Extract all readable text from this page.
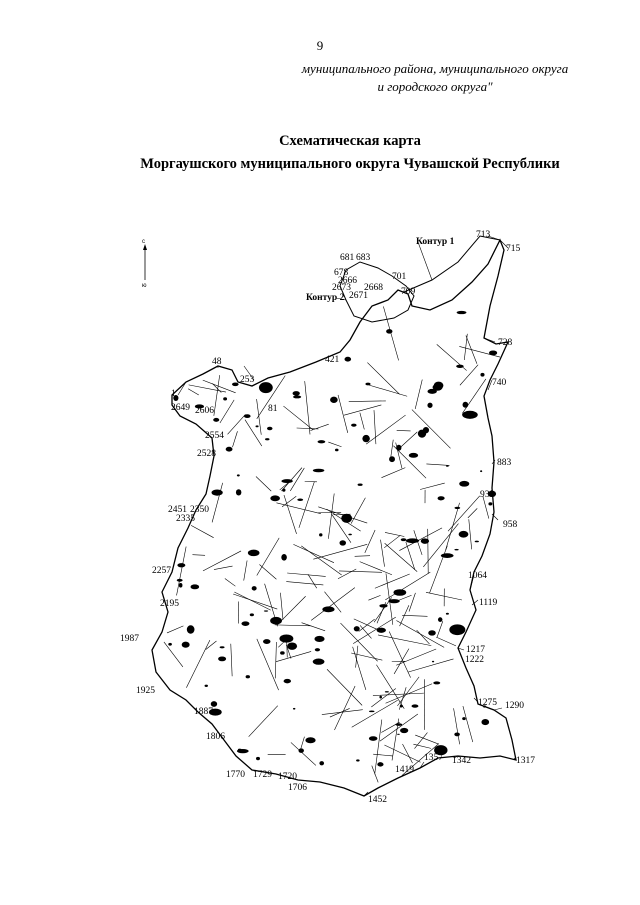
9
муниципального района, муниципального округа
и городского округа"
Схематическая карта
Моргаушского муниципального округа Чувашской Республики
713
715
728
740
883
938
958
1064
1119
1217
1222
1275 1290
1317
1342
1357
1419
1452
1706
1720
1729
1770
1806
1887
1925
1987
2195
2257
2335
2350
2451
2528
2554
2606
2649
1
48
81
253
421
681 683
678
2666
2668
2673
2671
701
709
Контур 1
Контур 2
с
ю
